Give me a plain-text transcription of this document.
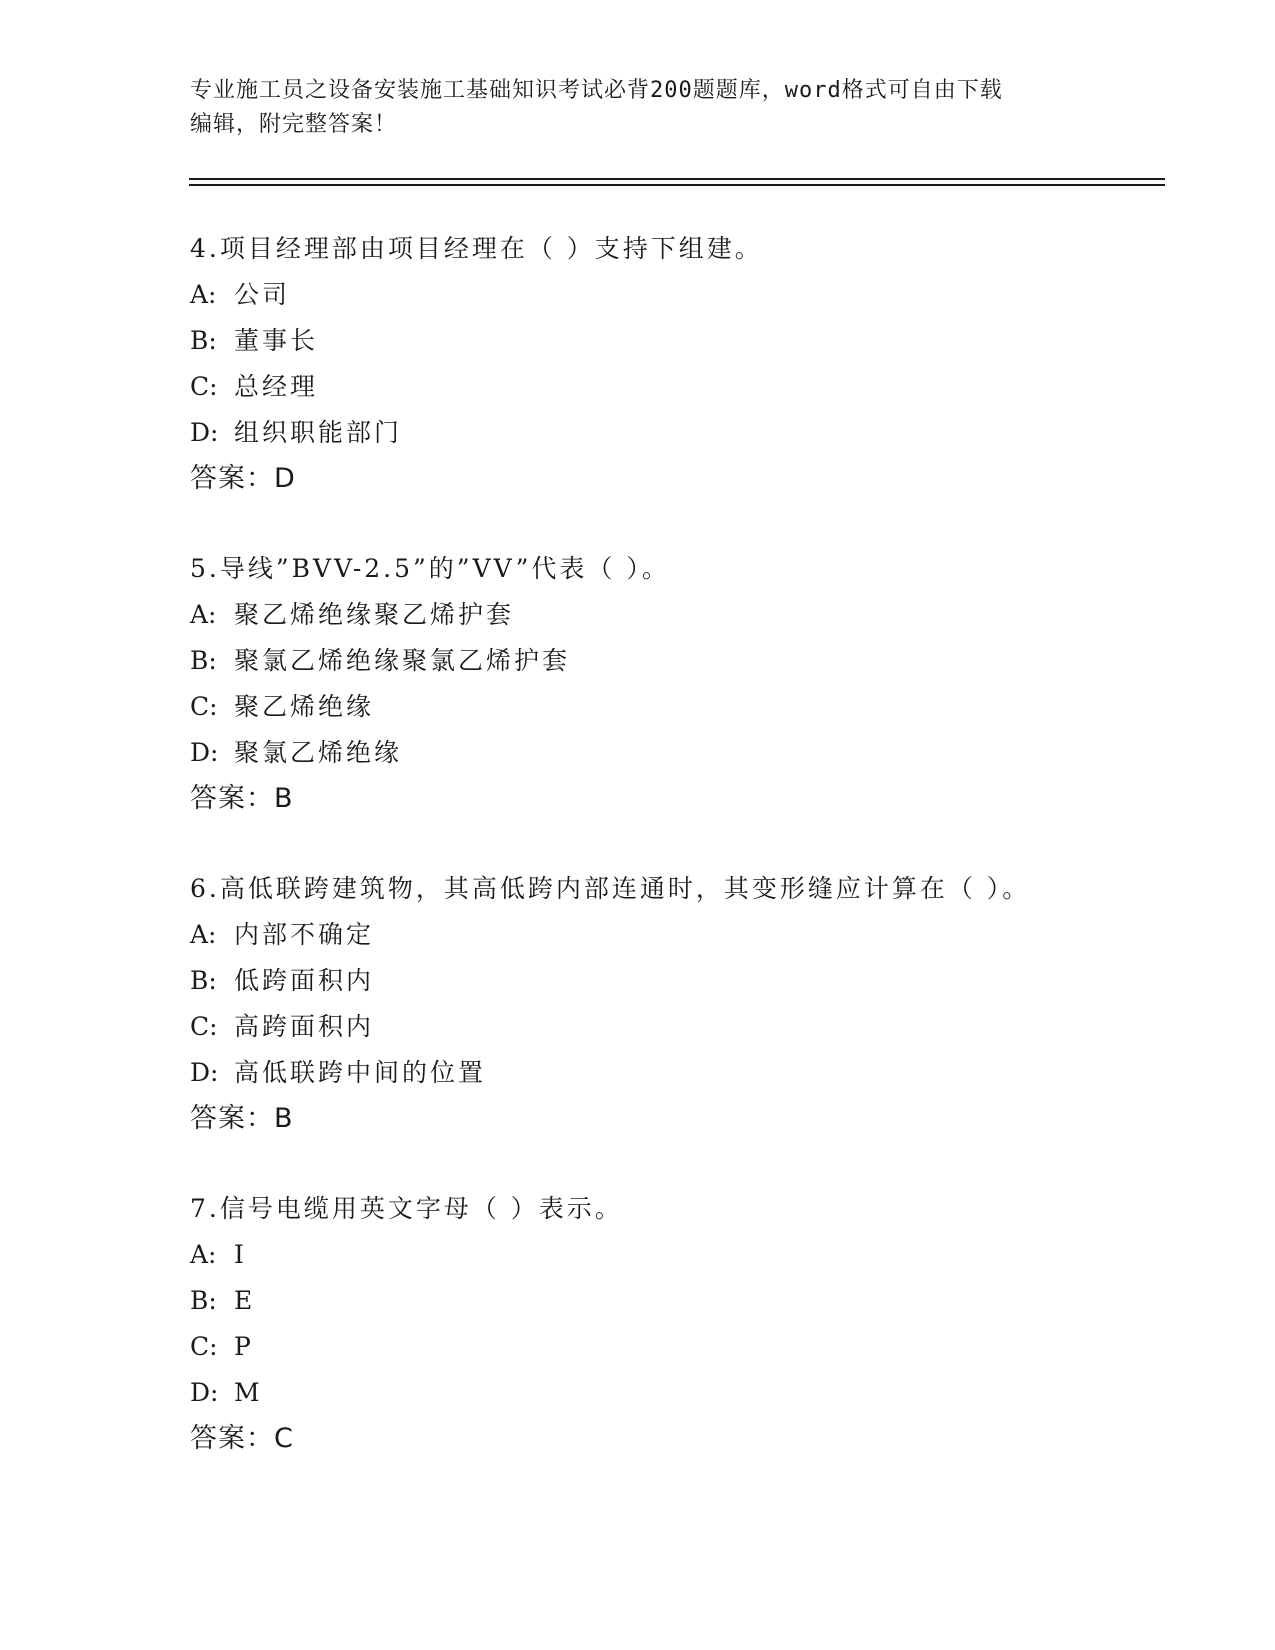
专业施工员之设备安装施工基础知识考试必背200题题库，word格式可自由下载
编辑，附完整答案！
4.项目经理部由项目经理在（ ）支持下组建。
A: 公司
B: 董事长
C: 总经理
D: 组织职能部门
答案：D
5.导线”BVV-2.5”的”VV”代表（ ）。
A: 聚乙烯绝缘聚乙烯护套
B: 聚氯乙烯绝缘聚氯乙烯护套
C: 聚乙烯绝缘
D: 聚氯乙烯绝缘
答案：B
6.高低联跨建筑物，其高低跨内部连通时，其变形缝应计算在（ ）。
A: 内部不确定
B: 低跨面积内
C: 高跨面积内
D: 高低联跨中间的位置
答案：B
7.信号电缆用英文字母（ ）表示。
A: I
B: E
C: P
D: M
答案：C
